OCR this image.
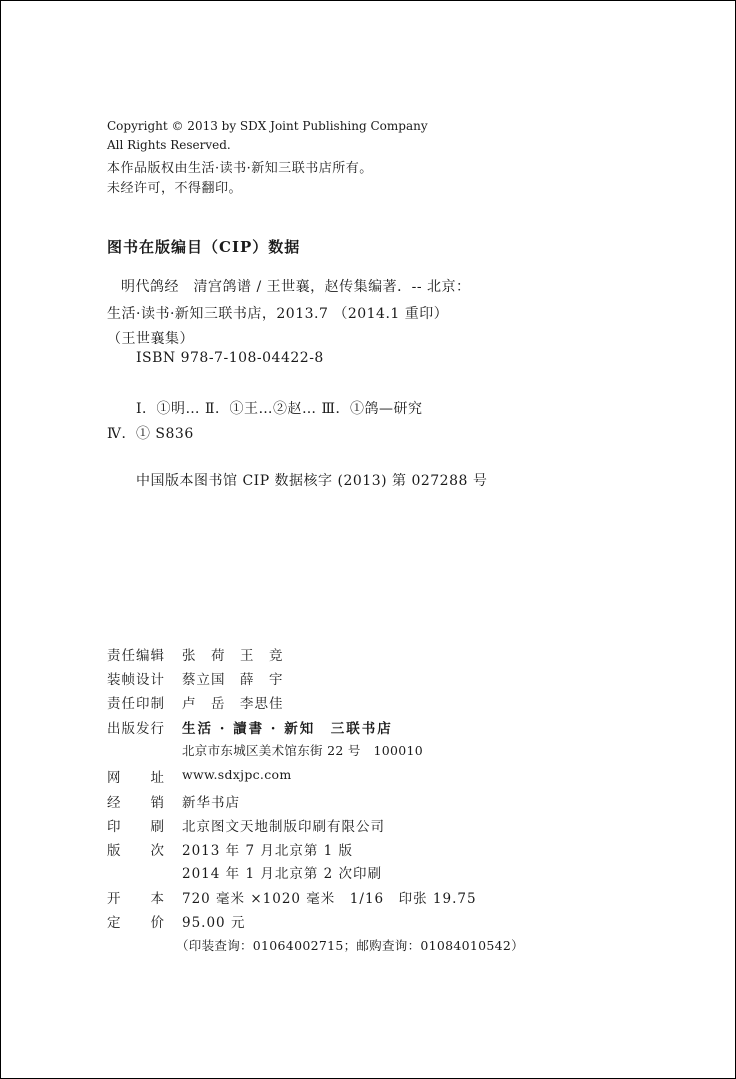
Copyright © 2013 by SDX Joint Publishing Company
All Rights Reserved.
本作品版权由生活·读书·新知三联书店所有。
未经许可，不得翻印。
图书在版编目（CIP）数据
明代鸽经　清宫鸽谱 / 王世襄，赵传集编著．-- 北京：
生活·读书·新知三联书店，2013.7 （2014.1 重印）
（王世襄集）
ISBN 978-7-108-04422-8
Ⅰ．①明… Ⅱ．①王…②赵… Ⅲ．①鸽—研究
Ⅳ．① S836
中国版本图书馆 CIP 数据核字 (2013) 第 027288 号
责任编辑 张　荷　王　竞
装帧设计 蔡立国　薛　宇
责任印制 卢　岳　李思佳
出版发行 生活 · 讀書 · 新知　三联书店
北京市东城区美术馆东街 22 号　100010
网　　址 www.sdxjpc.com
经　　销 新华书店
印　　刷 北京图文天地制版印刷有限公司
版　　次 2013 年 7 月北京第 1 版
2014 年 1 月北京第 2 次印刷
开　　本 720 毫米 ×1020 毫米　1/16　印张 19.75
定　　价 95.00 元
（印装查询：01064002715；邮购查询：01084010542）
